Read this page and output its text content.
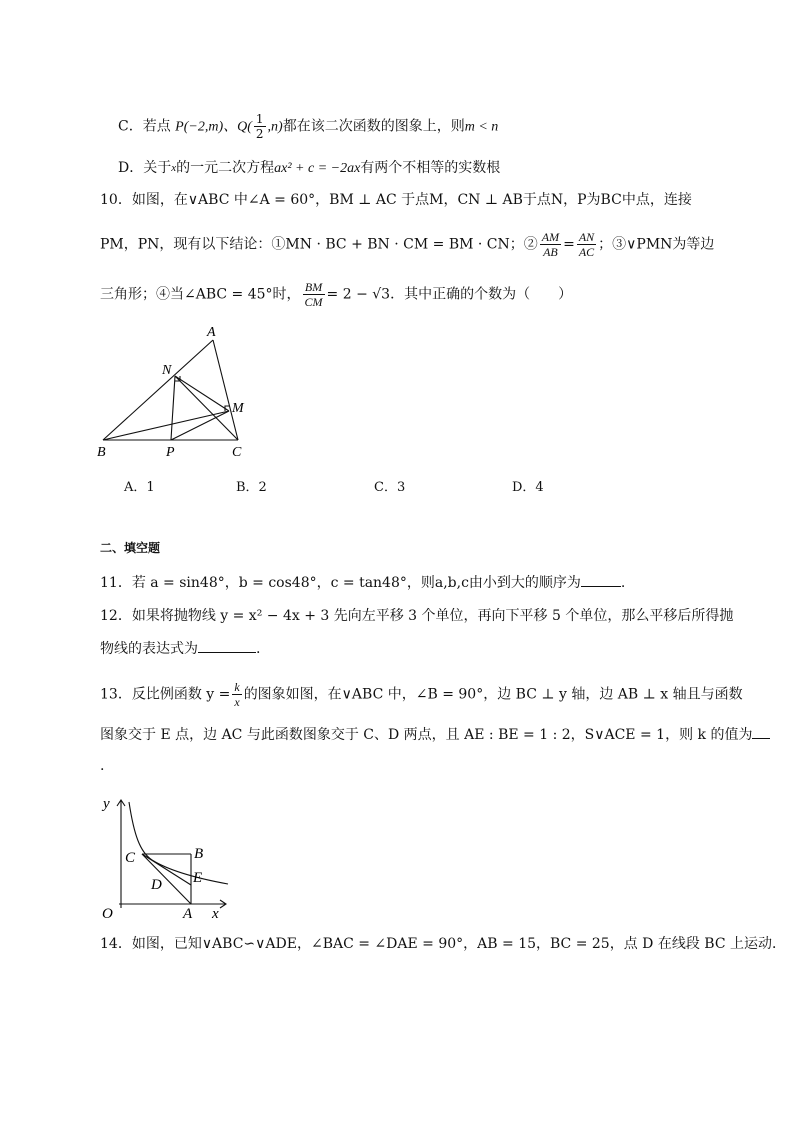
C．若点 P(−2,m)、$Q( \frac{1}{2} ,n)$都在该二次函数的图象上，则m < n
D．关于$^x$的一元二次方程ax² + c = −2ax有两个不相等的实数根
10．如图，在∨ABC 中∠A = 60°，BM ⊥ AC 于点M，CN ⊥ AB于点N，P为BC中点，连接
PM，PN，现有以下结论：①MN · BC + BN · CM = BM · CN；② $\frac{AM}{AB} = \frac{AN}{AC}$ ；③∨PMN为等边
三角形；④当∠ABC = 45°时， $\frac{BM}{CM} = 2 - √3$．其中正确的个数为（　　）
A
N
M
B	P	C
A．1	B．2	C．3	D．4
二、填空题
11．若 a = sin48°，b = cos48°，c = tan48°，则a,b,c由小到大的顺序为	.
12．如果将抛物线 y = x² − 4x + 3 先向左平移 3 个单位，再向下平移 5 个单位，那么平移后所得抛
物线的表达式为	.
13．反比例函数 $y = \frac{k}{x}$ 的图象如图，在∨ABC 中，∠B = 90°，边 BC ⊥ y 轴，边 AB ⊥ x 轴且与函数
图象交于 E 点，边 AC 与此函数图象交于 C、D 两点，且 AE : BE = 1 : 2，S∨ACE = 1，则 k 的值为
.
y
x
O	A
B
C
D E
14．如图，已知∨ABC∽∨ADE，∠BAC = ∠DAE = 90°，AB = 15，BC = 25，点 D 在线段 BC 上运动．
